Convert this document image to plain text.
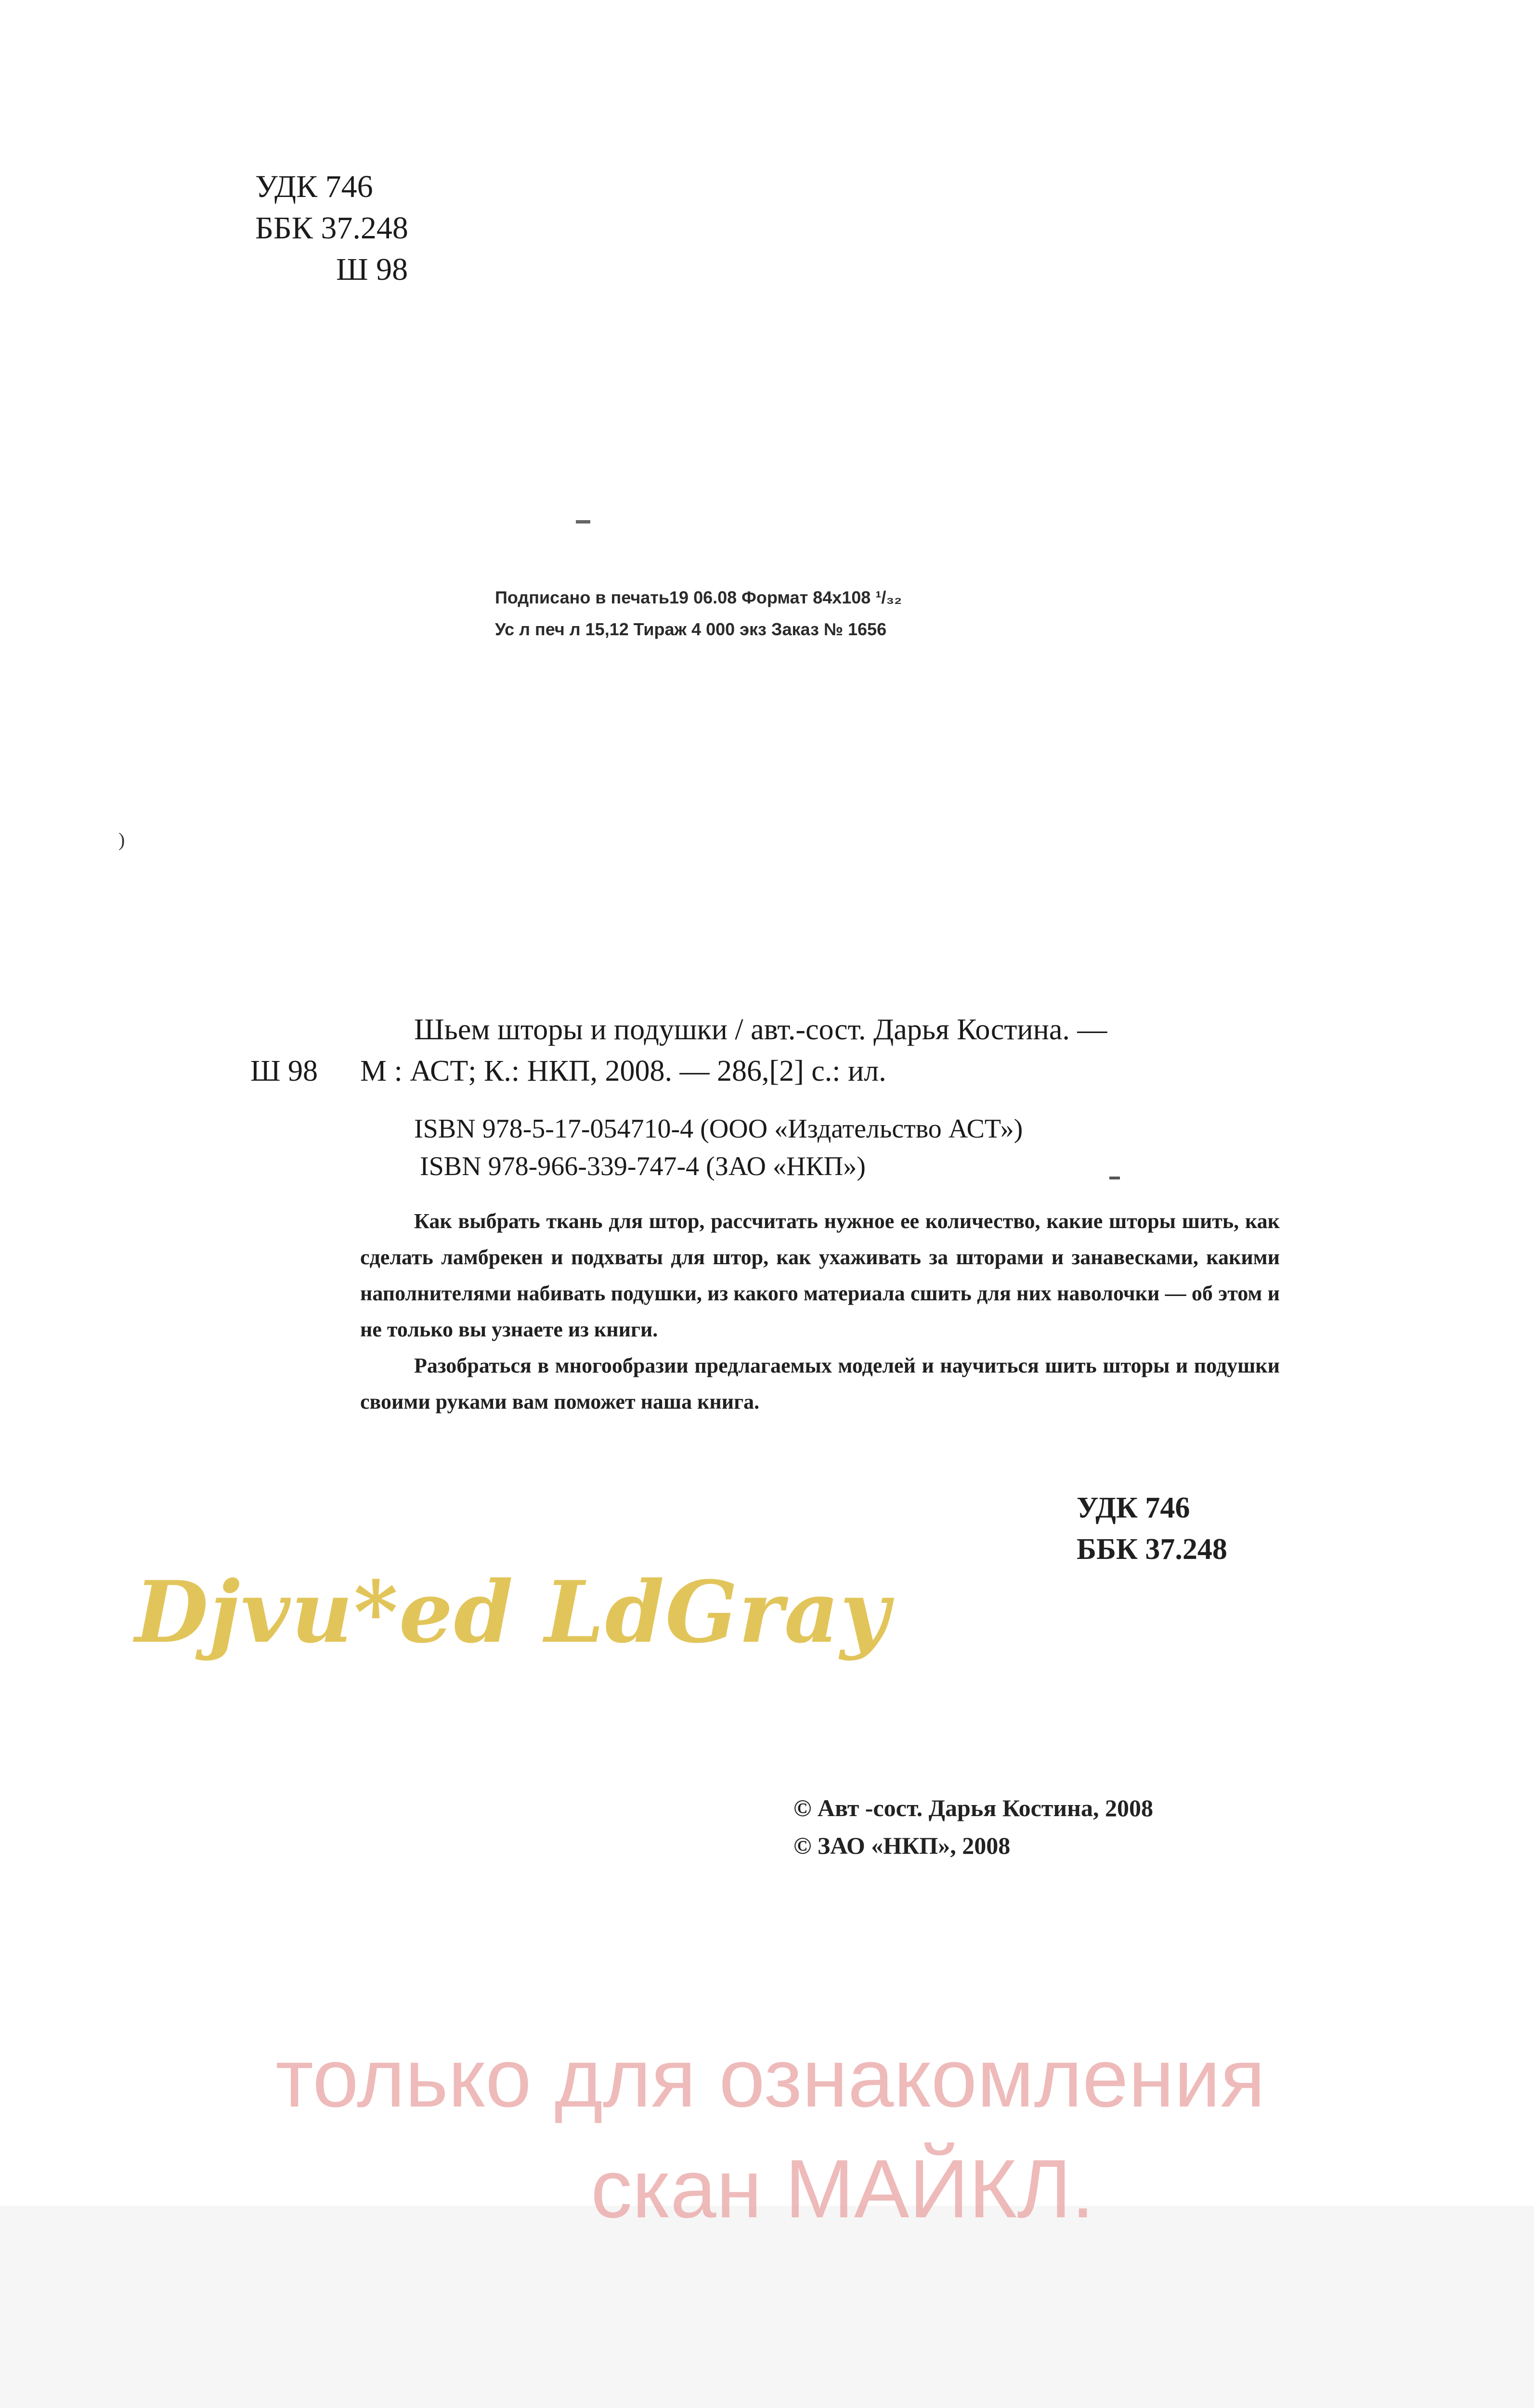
УДК 746
ББК 37.248
Ш 98
Подписано в печать19 06.08 Формат 84x108 ¹/₃₂
Ус л печ л 15,12 Тираж 4 000 экз Заказ № 1656
)
Шьем шторы и подушки / авт.-сост. Дарья Костина. —
Ш 98 М : АСТ; К.: НКП, 2008. — 286,[2] с.: ил.
ISBN 978-5-17-054710-4 (ООО «Издательство АСТ»)
ISBN 978-966-339-747-4 (ЗАО «НКП»)

Как выбрать ткань для штор, рассчитать нужное ее количество, какие шторы шить, как сделать ламбрекен и подхваты для штор, как ухаживать за шторами и занавесками, какими наполнителями набивать подушки, из какого материала сшить для них наволочки — об этом и не только вы узнаете из книги.

Разобраться в многообразии предлагаемых моделей и научиться шить шторы и подушки своими руками вам поможет наша книга.

УДК 746
ББК 37.248
Djvu*ed LdGray
© Авт -сост. Дарья Костина, 2008
© ЗАО «НКП», 2008
только для ознакомления
скан МАЙКЛ.
